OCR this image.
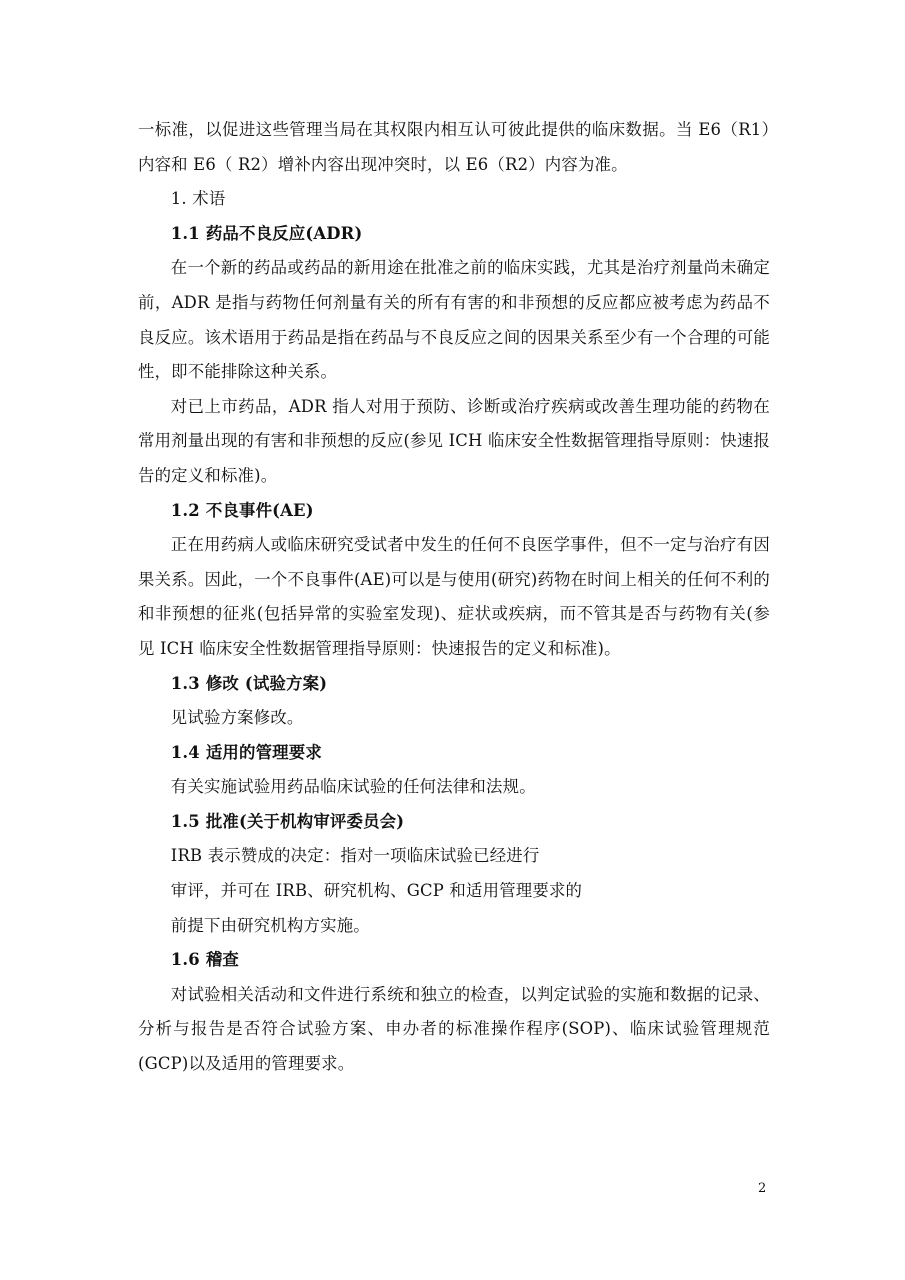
一标准，以促进这些管理当局在其权限内相互认可彼此提供的临床数据。当 E6（R1）内容和 E6（ R2）增补内容出现冲突时，以 E6（R2）内容为准。

1. 术语

1.1 药品不良反应(ADR)

在一个新的药品或药品的新用途在批准之前的临床实践，尤其是治疗剂量尚未确定前，ADR 是指与药物任何剂量有关的所有有害的和非预想的反应都应被考虑为药品不良反应。该术语用于药品是指在药品与不良反应之间的因果关系至少有一个合理的可能性，即不能排除这种关系。

对已上市药品，ADR 指人对用于预防、诊断或治疗疾病或改善生理功能的药物在常用剂量出现的有害和非预想的反应(参见 ICH 临床安全性数据管理指导原则：快速报告的定义和标准)。

1.2 不良事件(AE)

正在用药病人或临床研究受试者中发生的任何不良医学事件，但不一定与治疗有因果关系。因此，一个不良事件(AE)可以是与使用(研究)药物在时间上相关的任何不利的和非预想的征兆(包括异常的实验室发现)、症状或疾病，而不管其是否与药物有关(参见 ICH 临床安全性数据管理指导原则：快速报告的定义和标准)。

1.3 修改 (试验方案)

见试验方案修改。

1.4 适用的管理要求

有关实施试验用药品临床试验的任何法律和法规。

1.5 批准(关于机构审评委员会)

IRB 表示赞成的决定：指对一项临床试验已经进行

审评，并可在 IRB、研究机构、GCP 和适用管理要求的

前提下由研究机构方实施。

1.6 稽查

对试验相关活动和文件进行系统和独立的检查，以判定试验的实施和数据的记录、分析与报告是否符合试验方案、申办者的标准操作程序(SOP)、临床试验管理规范(GCP)以及适用的管理要求。

2
